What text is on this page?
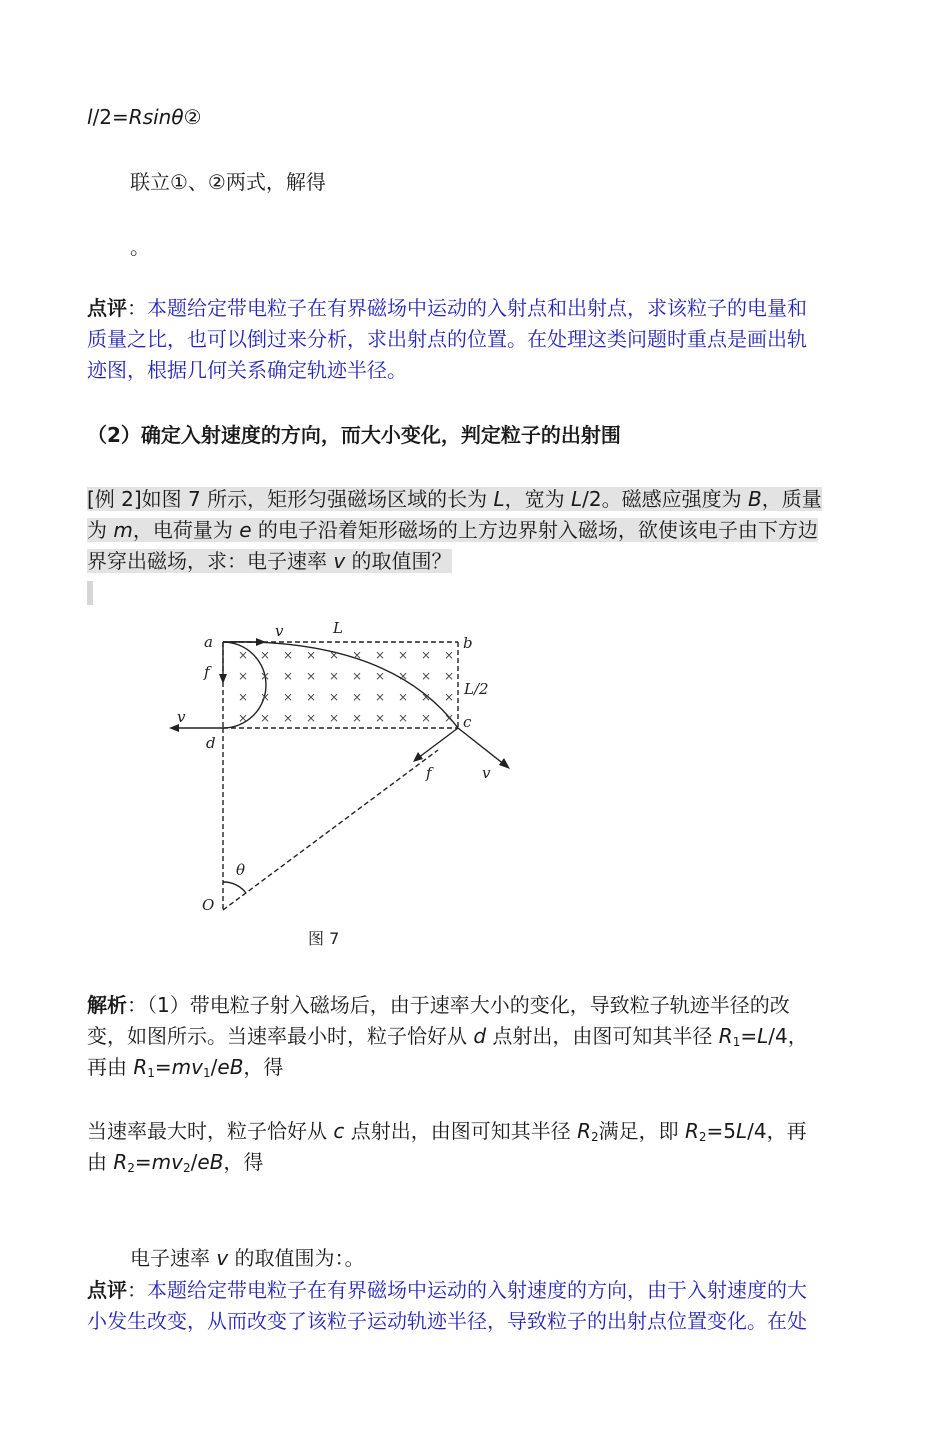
l/2=Rsinθ②
联立①、②两式，解得
。
点评：本题给定带电粒子在有界磁场中运动的入射点和出射点，求该粒子的电量和
质量之比，也可以倒过来分析，求出射点的位置。在处理这类问题时重点是画出轨
迹图，根据几何关系确定轨迹半径。
（2）确定入射速度的方向，而大小变化，判定粒子的出射围
[例 2]如图 7 所示，矩形匀强磁场区域的长为 L，宽为 L/2。磁感应强度为 B，质量
为 m，电荷量为 e 的电子沿着矩形磁场的上方边界射入磁场，欲使该电子由下方边
界穿出磁场，求：电子速率 v 的取值围？
× × × × × × × × × ×
× × × × × × × × × ×
× × × × × × × × × ×
× × × × × × × × × ×
a	b
c
d
O
θ
L
L/2
v
f
v
v
f
图 7
解析：（1）带电粒子射入磁场后，由于速率大小的变化，导致粒子轨迹半径的改
变，如图所示。当速率最小时，粒子恰好从 d 点射出，由图可知其半径 $R_1=L/4$，
再由 $R_1=mv_1/eB$，得
当速率最大时，粒子恰好从 c 点射出，由图可知其半径 $R_2$满足，即 $R_2=5L/4$，再
由 $R_2=mv_2/eB$，得
电子速率 v 的取值围为：。
点评：本题给定带电粒子在有界磁场中运动的入射速度的方向，由于入射速度的大
小发生改变，从而改变了该粒子运动轨迹半径，导致粒子的出射点位置变化。在处
